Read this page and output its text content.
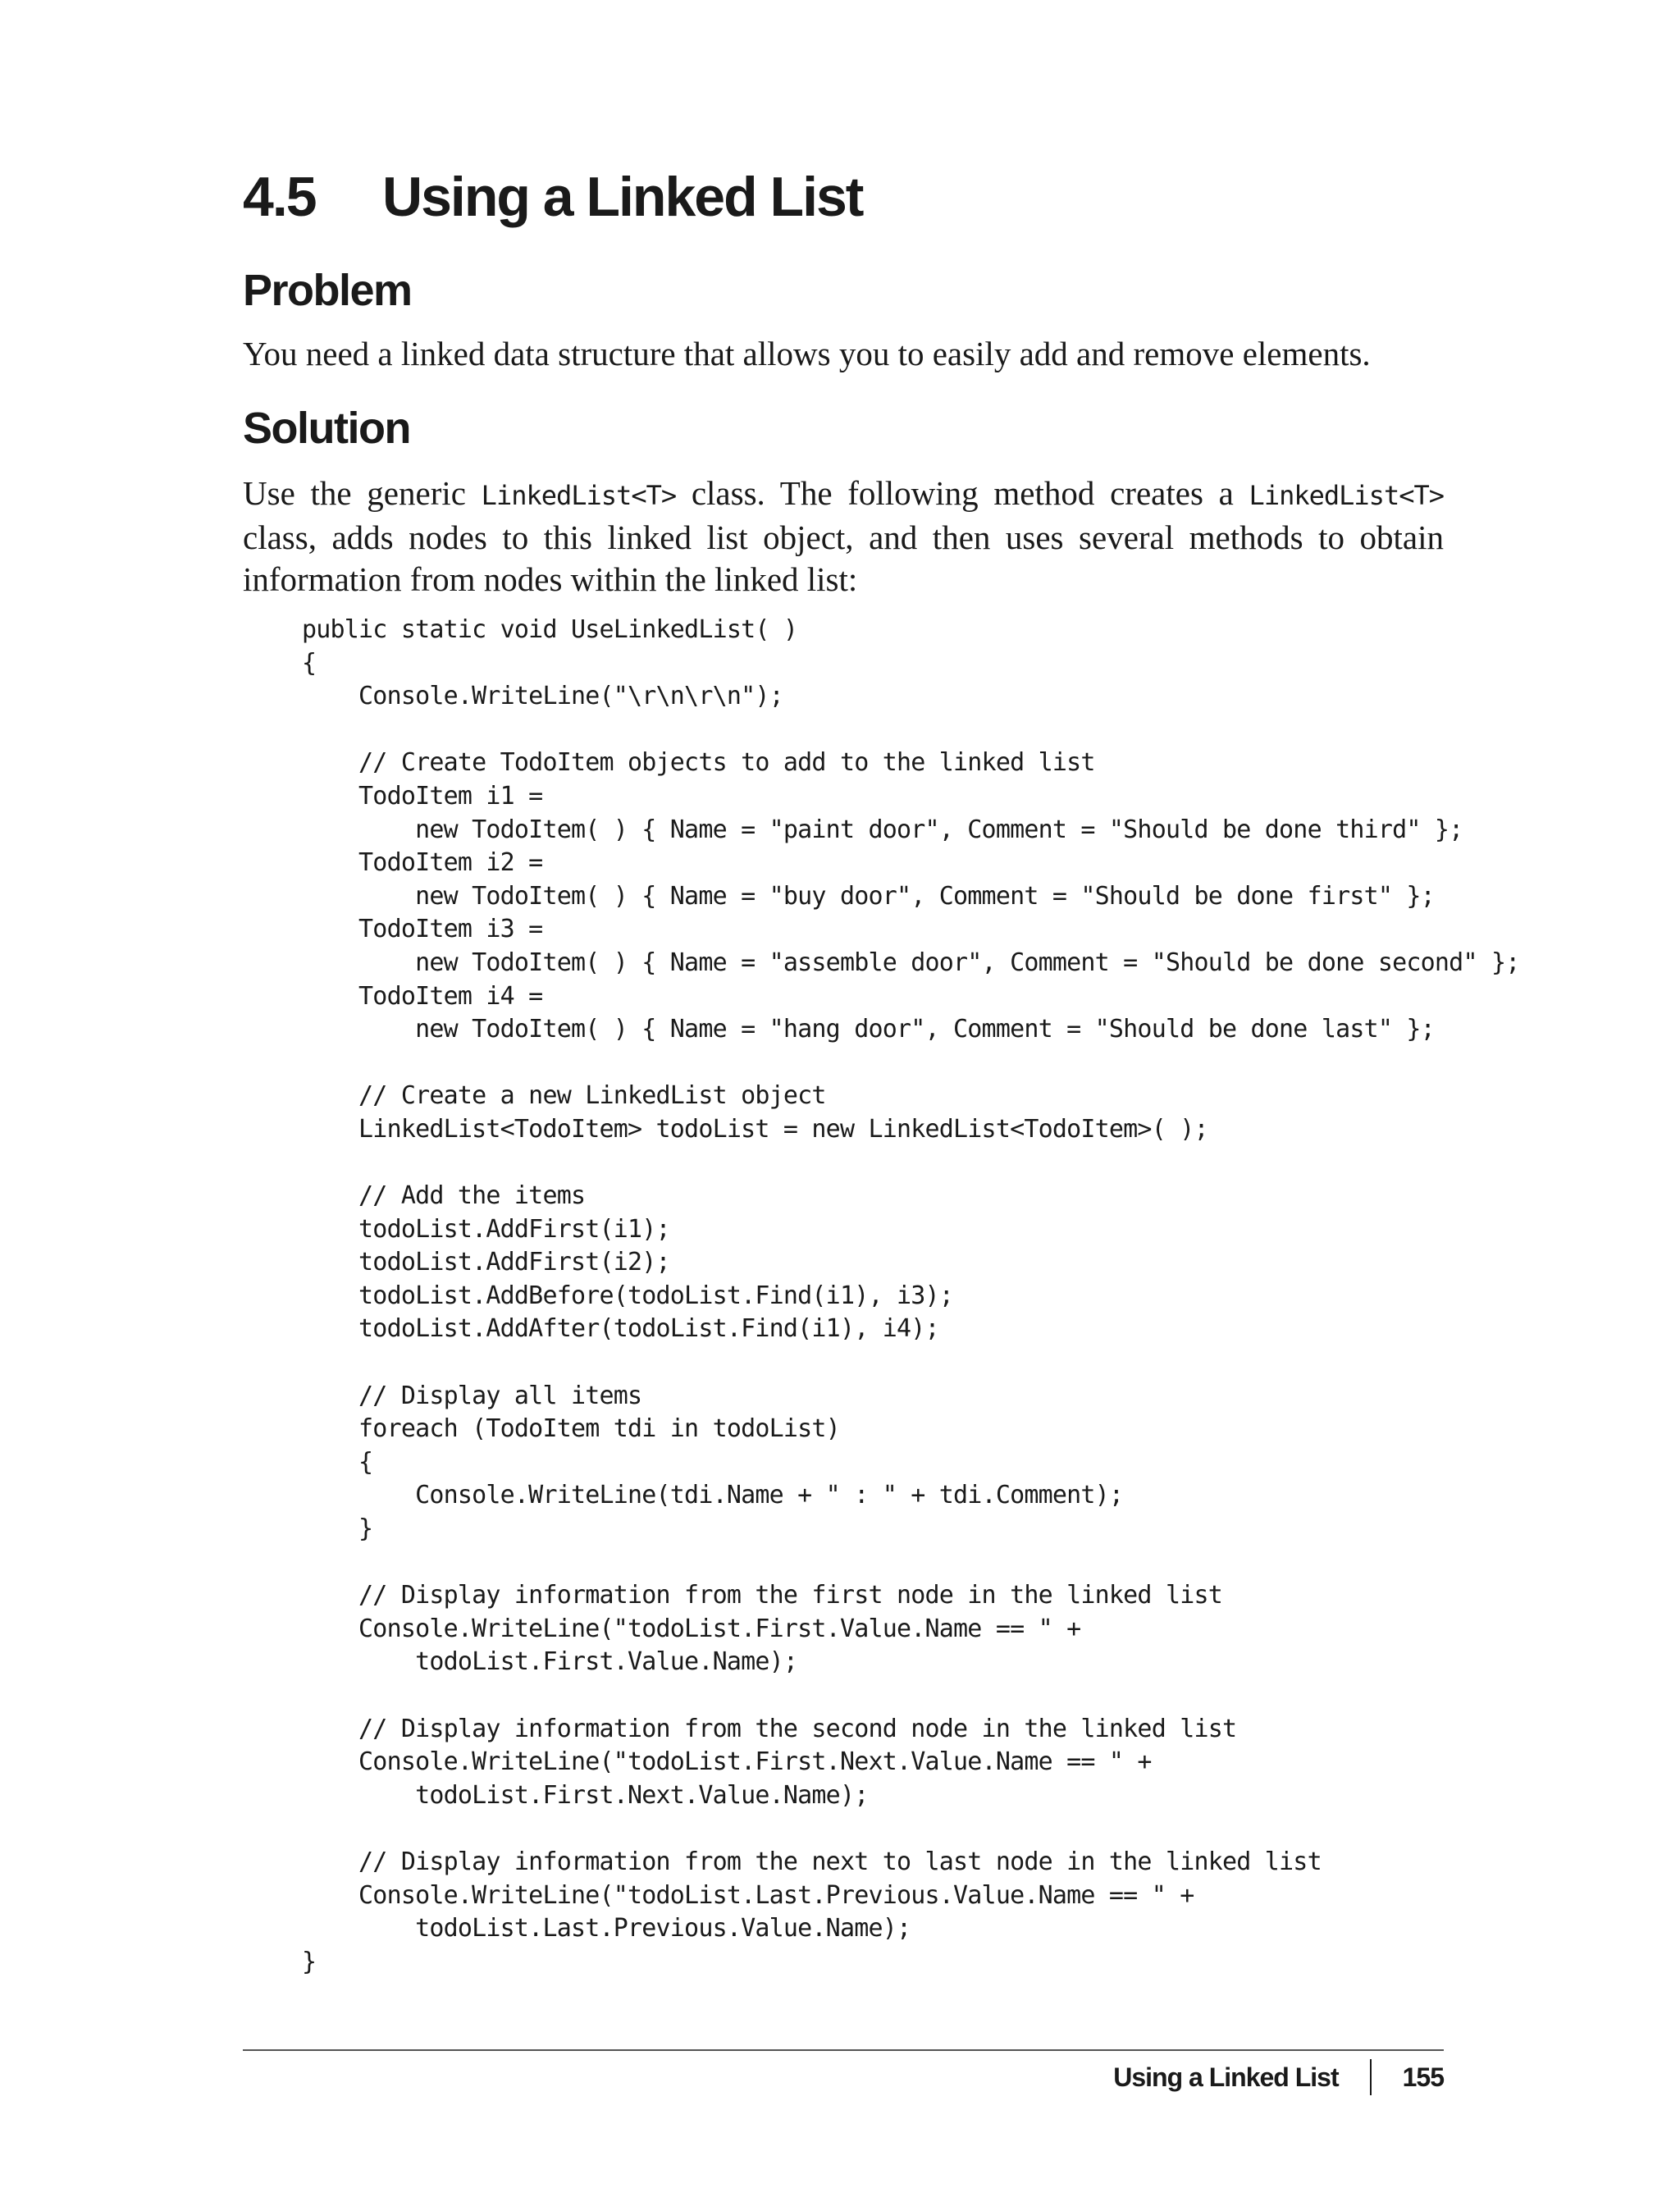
4.5 Using a Linked List
Problem

You need a linked data structure that allows you to easily add and remove elements.

Solution

Use the generic LinkedList<T> class. The following method creates a LinkedList<T> class, adds nodes to this linked list object, and then uses several methods to obtain information from nodes within the linked list:

public static void UseLinkedList( )
{
Console.WriteLine("\r\n\r\n");

// Create TodoItem objects to add to the linked list
TodoItem i1 =
new TodoItem( ) { Name = "paint door", Comment = "Should be done third" };
TodoItem i2 =
new TodoItem( ) { Name = "buy door", Comment = "Should be done first" };
TodoItem i3 =
new TodoItem( ) { Name = "assemble door", Comment = "Should be done second" };
TodoItem i4 =
new TodoItem( ) { Name = "hang door", Comment = "Should be done last" };

// Create a new LinkedList object
LinkedList<TodoItem> todoList = new LinkedList<TodoItem>( );

// Add the items
todoList.AddFirst(i1);
todoList.AddFirst(i2);
todoList.AddBefore(todoList.Find(i1), i3);
todoList.AddAfter(todoList.Find(i1), i4);

// Display all items
foreach (TodoItem tdi in todoList)
{
Console.WriteLine(tdi.Name + " : " + tdi.Comment);
}

// Display information from the first node in the linked list
Console.WriteLine("todoList.First.Value.Name == " +
todoList.First.Value.Name);

// Display information from the second node in the linked list
Console.WriteLine("todoList.First.Next.Value.Name == " +
todoList.First.Next.Value.Name);

// Display information from the next to last node in the linked list
Console.WriteLine("todoList.Last.Previous.Value.Name == " +
todoList.Last.Previous.Value.Name);
}
Using a Linked List 155
